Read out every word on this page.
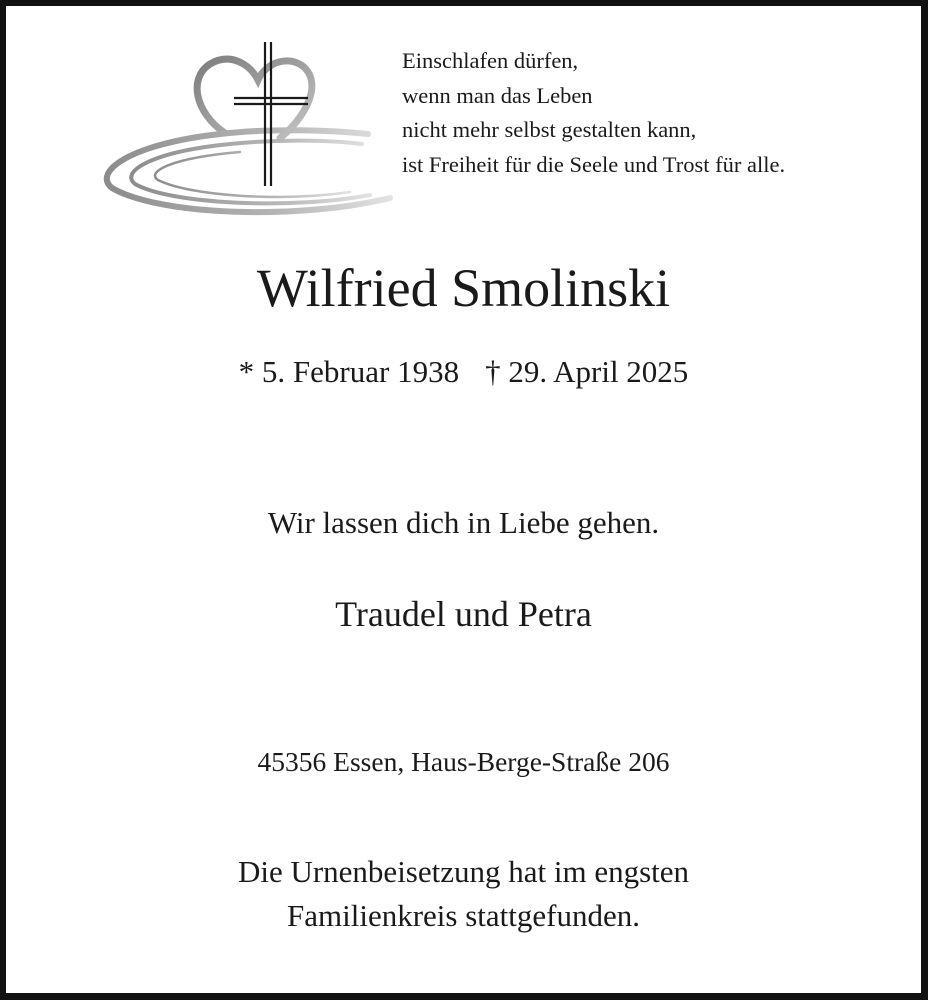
Einschlafen dürfen,
wenn man das Leben
nicht mehr selbst gestalten kann,
ist Freiheit für die Seele und Trost für alle.
Wilfried Smolinski
* 5. Februar 1938 † 29. April 2025
Wir lassen dich in Liebe gehen.
Traudel und Petra
45356 Essen, Haus-Berge-Straße 206
Die Urnenbeisetzung hat im engsten
Familienkreis stattgefunden.
